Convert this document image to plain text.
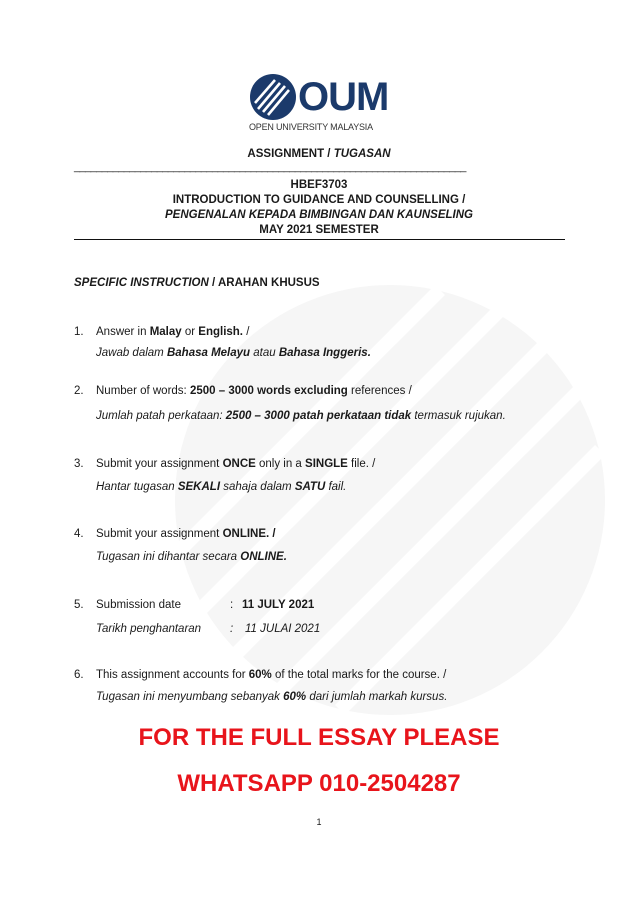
OUM
OPEN UNIVERSITY MALAYSIA
ASSIGNMENT / TUGASAN
_______________________________________________________________________
HBEF3703
INTRODUCTION TO GUIDANCE AND COUNSELLING /
PENGENALAN KEPADA BIMBINGAN DAN KAUNSELING
MAY 2021 SEMESTER
SPECIFIC INSTRUCTION / ARAHAN KHUSUS
1. Answer in Malay or English. /
Jawab dalam Bahasa Melayu atau Bahasa Inggeris.
2. Number of words: 2500 – 3000 words excluding references /
Jumlah patah perkataan: 2500 – 3000 patah perkataan tidak termasuk rujukan.
3. Submit your assignment ONCE only in a SINGLE file. /
Hantar tugasan SEKALI sahaja dalam SATU fail.
4. Submit your assignment ONLINE. /
Tugasan ini dihantar secara ONLINE.
5. Submission date	: 11 JULY 2021
Tarikh penghantaran	: 11 JULAI 2021
6. This assignment accounts for 60% of the total marks for the course. /
Tugasan ini menyumbang sebanyak 60% dari jumlah markah kursus.
FOR THE FULL ESSAY PLEASE
WHATSAPP 010-2504287
1
